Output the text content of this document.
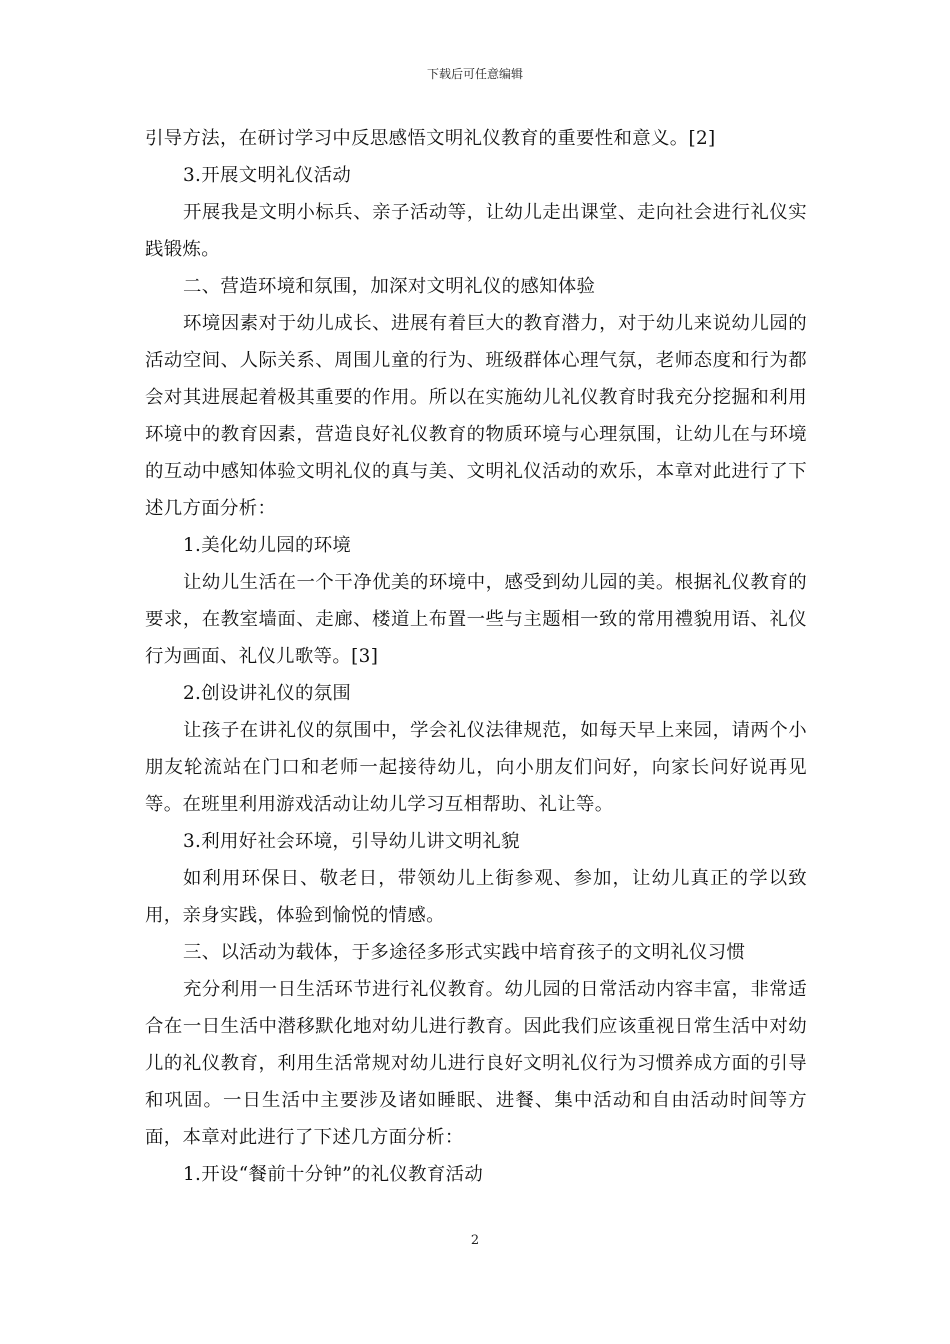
下载后可任意编辑

引导方法，在研讨学习中反思感悟文明礼仪教育的重要性和意义。[2]

3.开展文明礼仪活动

开展我是文明小标兵、亲子活动等，让幼儿走出课堂、走向社会进行礼仪实践锻炼。

二、营造环境和氛围，加深对文明礼仪的感知体验

环境因素对于幼儿成长、进展有着巨大的教育潜力，对于幼儿来说幼儿园的活动空间、人际关系、周围儿童的行为、班级群体心理气氛，老师态度和行为都会对其进展起着极其重要的作用。所以在实施幼儿礼仪教育时我充分挖掘和利用环境中的教育因素，营造良好礼仪教育的物质环境与心理氛围，让幼儿在与环境的互动中感知体验文明礼仪的真与美、文明礼仪活动的欢乐，本章对此进行了下述几方面分析：

1.美化幼儿园的环境

让幼儿生活在一个干净优美的环境中，感受到幼儿园的美。根据礼仪教育的要求，在教室墙面、走廊、楼道上布置一些与主题相一致的常用禮貌用语、礼仪行为画面、礼仪儿歌等。[3]

2.创设讲礼仪的氛围

让孩子在讲礼仪的氛围中，学会礼仪法律规范，如每天早上来园，请两个小朋友轮流站在门口和老师一起接待幼儿，向小朋友们问好，向家长问好说再见等。在班里利用游戏活动让幼儿学习互相帮助、礼让等。

3.利用好社会环境，引导幼儿讲文明礼貌

如利用环保日、敬老日，带领幼儿上街参观、参加，让幼儿真正的学以致用，亲身实践，体验到愉悦的情感。

三、以活动为载体，于多途径多形式实践中培育孩子的文明礼仪习惯

充分利用一日生活环节进行礼仪教育。幼儿园的日常活动内容丰富，非常适合在一日生活中潜移默化地对幼儿进行教育。因此我们应该重视日常生活中对幼儿的礼仪教育，利用生活常规对幼儿进行良好文明礼仪行为习惯养成方面的引导和巩固。一日生活中主要涉及诸如睡眠、进餐、集中活动和自由活动时间等方面，本章对此进行了下述几方面分析：

1.开设“餐前十分钟”的礼仪教育活动

2
